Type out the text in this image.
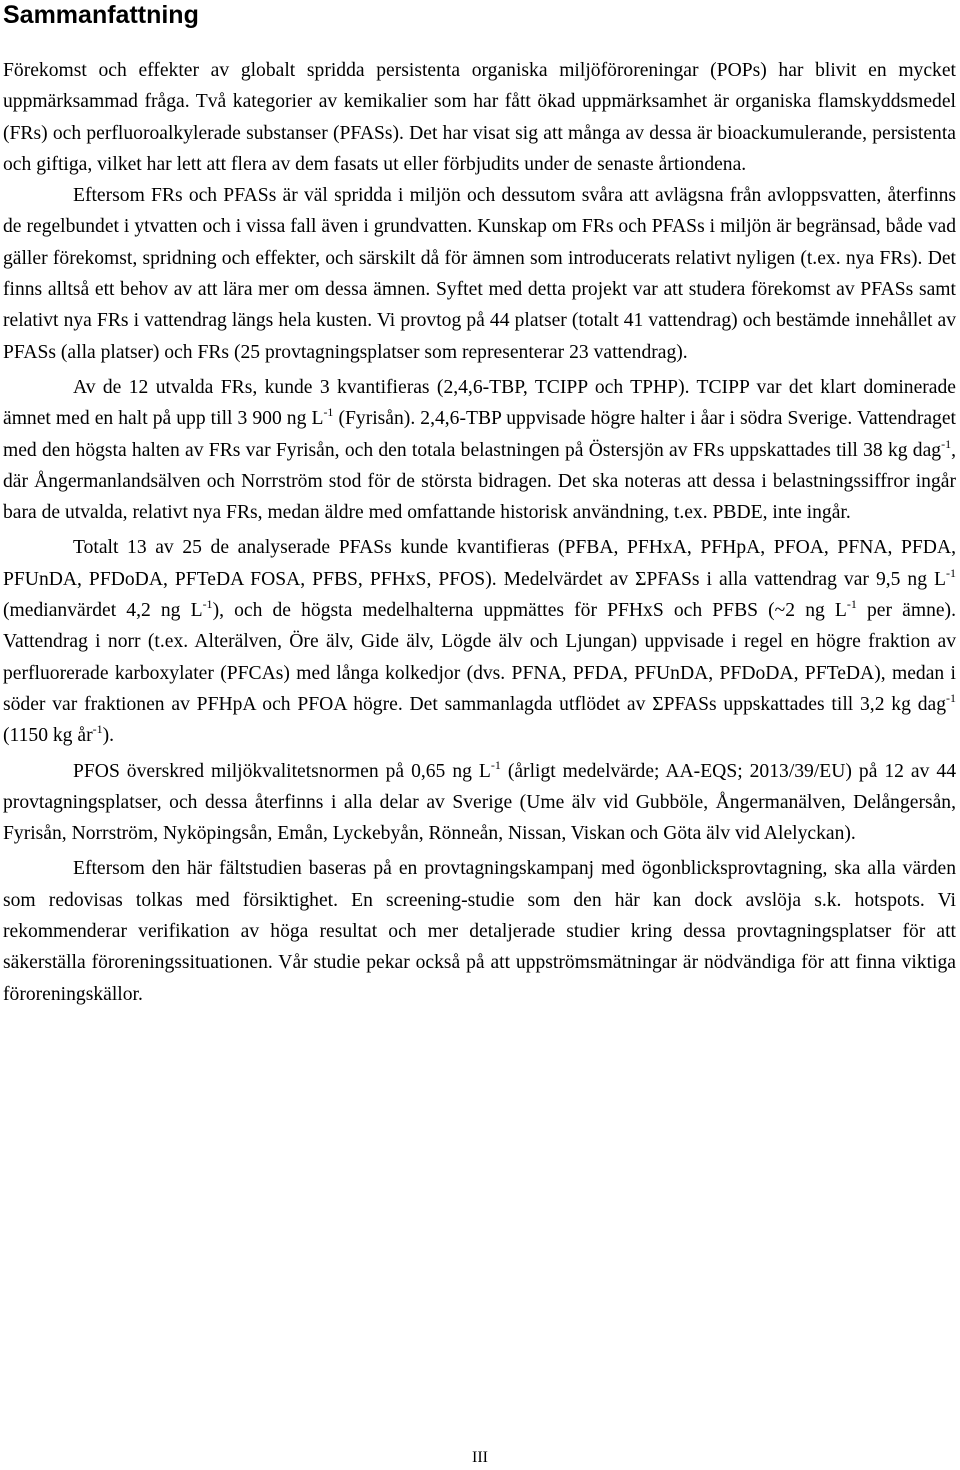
Sammanfattning

Förekomst och effekter av globalt spridda persistenta organiska miljöföroreningar (POPs) har blivit en mycket uppmärksammad fråga. Två kategorier av kemikalier som har fått ökad uppmärksamhet är organiska flamskyddsmedel (FRs) och perfluoroalkylerade substanser (PFASs). Det har visat sig att många av dessa är bioackumulerande, persistenta och giftiga, vilket har lett att flera av dem fasats ut eller förbjudits under de senaste årtiondena.

Eftersom FRs och PFASs är väl spridda i miljön och dessutom svåra att avlägsna från avloppsvatten, återfinns de regelbundet i ytvatten och i vissa fall även i grundvatten. Kunskap om FRs och PFASs i miljön är begränsad, både vad gäller förekomst, spridning och effekter, och särskilt då för ämnen som introducerats relativt nyligen (t.ex. nya FRs). Det finns alltså ett behov av att lära mer om dessa ämnen. Syftet med detta projekt var att studera förekomst av PFASs samt relativt nya FRs i vattendrag längs hela kusten. Vi provtog på 44 platser (totalt 41 vattendrag) och bestämde innehållet av PFASs (alla platser) och FRs (25 provtagningsplatser som representerar 23 vattendrag).

Av de 12 utvalda FRs, kunde 3 kvantifieras (2,4,6-TBP, TCIPP och TPHP). TCIPP var det klart dominerade ämnet med en halt på upp till 3 900 ng $L^{-1}$ (Fyrisån). 2,4,6-TBP uppvisade högre halter i åar i södra Sverige. Vattendraget med den högsta halten av FRs var Fyrisån, och den totala belastningen på Östersjön av FRs uppskattades till 38 kg dag$^{-1}$, där Ångermanlandsälven och Norrström stod för de största bidragen. Det ska noteras att dessa i belastningssiffror ingår bara de utvalda, relativt nya FRs, medan äldre med omfattande historisk användning, t.ex. PBDE, inte ingår.

Totalt 13 av 25 de analyserade PFASs kunde kvantifieras (PFBA, PFHxA, PFHpA, PFOA, PFNA, PFDA, PFUnDA, PFDoDA, PFTeDA FOSA, PFBS, PFHxS, PFOS). Medelvärdet av ΣPFASs i alla vattendrag var 9,5 ng $L^{-1}$ (medianvärdet 4,2 ng $L^{-1}$), och de högsta medelhalterna uppmättes för PFHxS och PFBS (~2 ng $L^{-1}$ per ämne). Vattendrag i norr (t.ex. Alterälven, Öre älv, Gide älv, Lögde älv och Ljungan) uppvisade i regel en högre fraktion av perfluorerade karboxylater (PFCAs) med långa kolkedjor (dvs. PFNA, PFDA, PFUnDA, PFDoDA, PFTeDA), medan i söder var fraktionen av PFHpA och PFOA högre. Det sammanlagda utflödet av ΣPFASs uppskattades till 3,2 kg dag$^{-1}$ (1150 kg $år^{-1}$).

PFOS överskred miljökvalitetsnormen på 0,65 ng $L^{-1}$ (årligt medelvärde; AA-EQS; 2013/39/EU) på 12 av 44 provtagningsplatser, och dessa återfinns i alla delar av Sverige (Ume älv vid Gubböle, Ångermanälven, Delångersån, Fyrisån, Norrström, Nyköpingsån, Emån, Lyckebyån, Rönneån, Nissan, Viskan och Göta älv vid Alelyckan).

Eftersom den här fältstudien baseras på en provtagningskampanj med ögonblicksprovtagning, ska alla värden som redovisas tolkas med försiktighet. En screening-studie som den här kan dock avslöja s.k. hotspots. Vi rekommenderar verifikation av höga resultat och mer detaljerade studier kring dessa provtagningsplatser för att säkerställa föroreningssituationen. Vår studie pekar också på att uppströmsmätningar är nödvändiga för att finna viktiga föroreningskällor.

III
